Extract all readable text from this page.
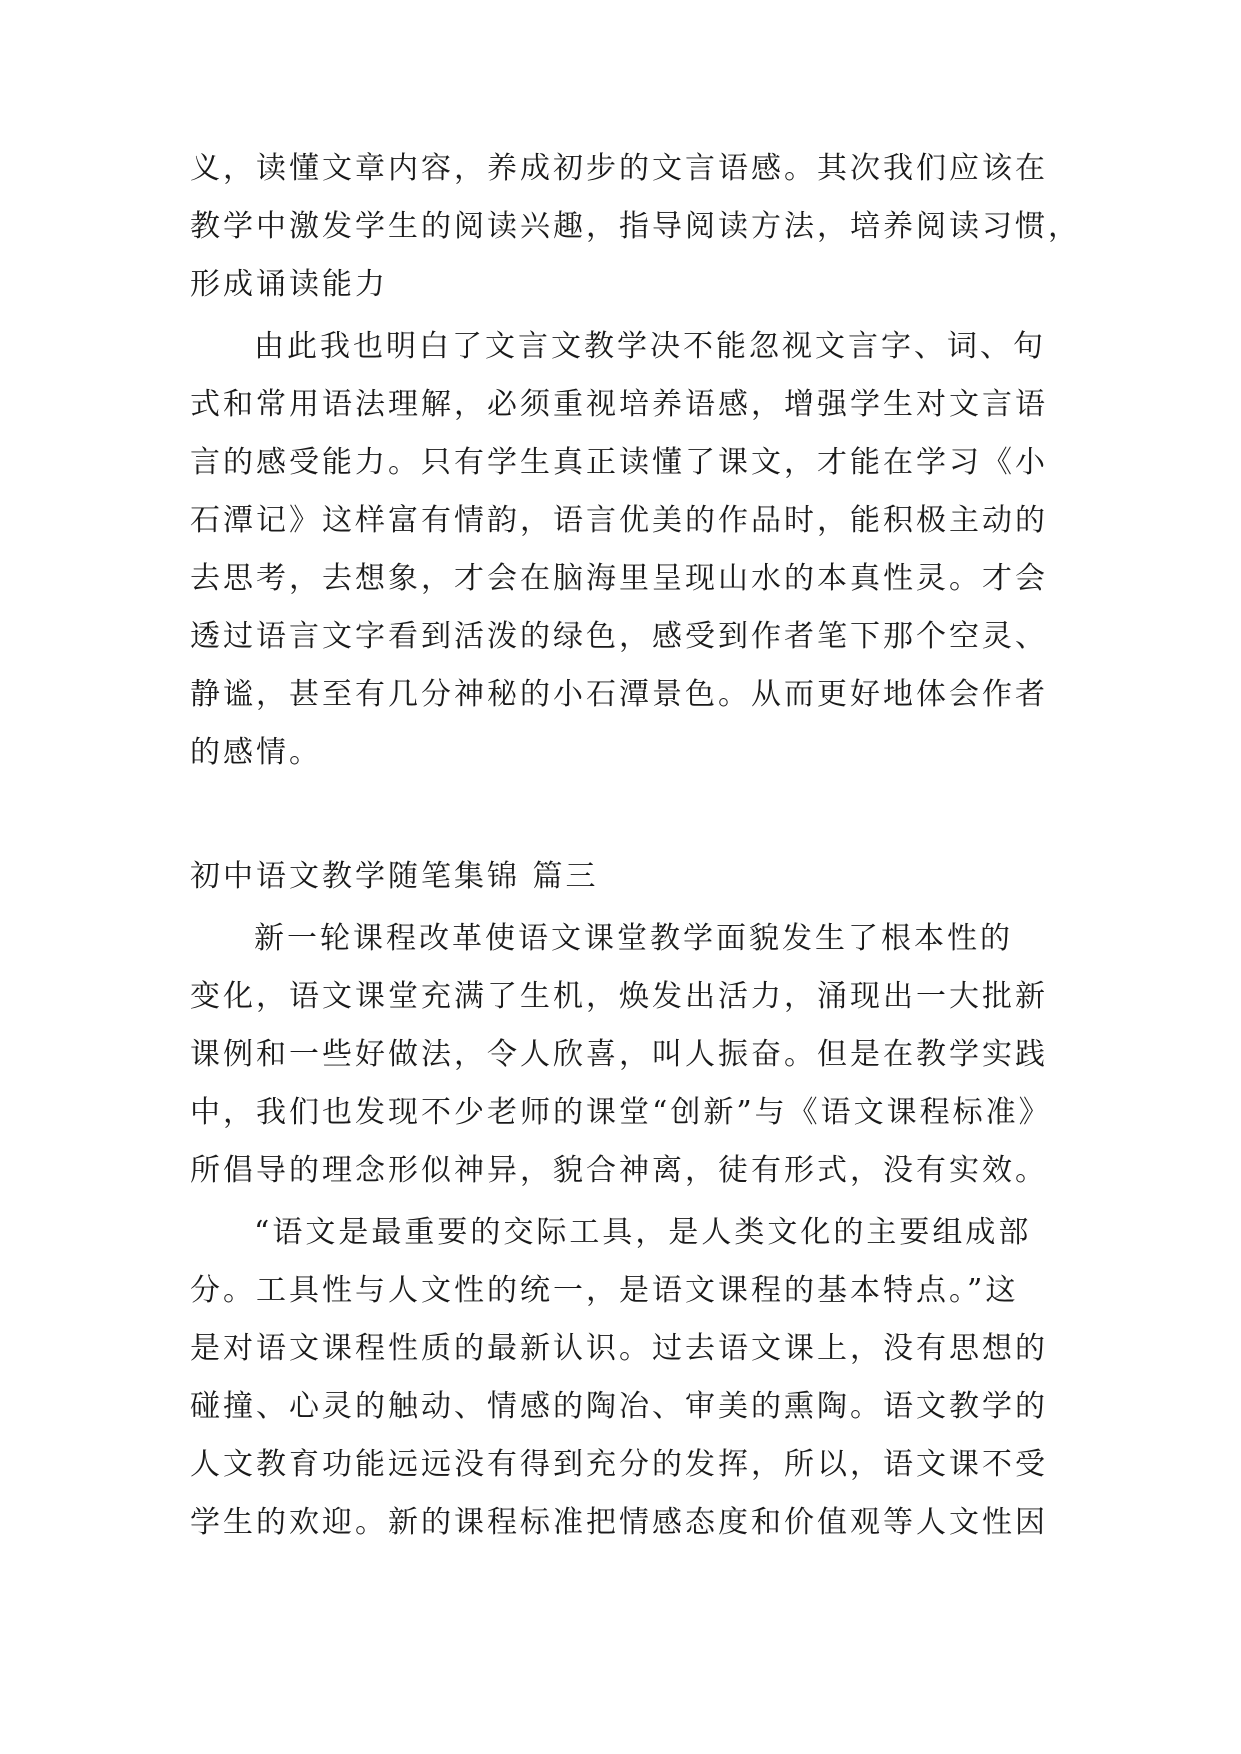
义，读懂文章内容，养成初步的文言语感。其次我们应该在
教学中激发学生的阅读兴趣，指导阅读方法，培养阅读习惯，
形成诵读能力
由此我也明白了文言文教学决不能忽视文言字、词、句
式和常用语法理解，必须重视培养语感，增强学生对文言语
言的感受能力。只有学生真正读懂了课文，才能在学习《小
石潭记》这样富有情韵，语言优美的作品时，能积极主动的
去思考，去想象，才会在脑海里呈现山水的本真性灵。才会
透过语言文字看到活泼的绿色，感受到作者笔下那个空灵、
静谧，甚至有几分神秘的小石潭景色。从而更好地体会作者
的感情。
初中语文教学随笔集锦 篇三
新一轮课程改革使语文课堂教学面貌发生了根本性的
变化，语文课堂充满了生机，焕发出活力，涌现出一大批新
课例和一些好做法，令人欣喜，叫人振奋。但是在教学实践
中，我们也发现不少老师的课堂“创新”与《语文课程标准》
所倡导的理念形似神异，貌合神离，徒有形式，没有实效。
“语文是最重要的交际工具，是人类文化的主要组成部
分。工具性与人文性的统一，是语文课程的基本特点。”这
是对语文课程性质的最新认识。过去语文课上，没有思想的
碰撞、心灵的触动、情感的陶冶、审美的熏陶。语文教学的
人文教育功能远远没有得到充分的发挥，所以，语文课不受
学生的欢迎。新的课程标准把情感态度和价值观等人文性因
